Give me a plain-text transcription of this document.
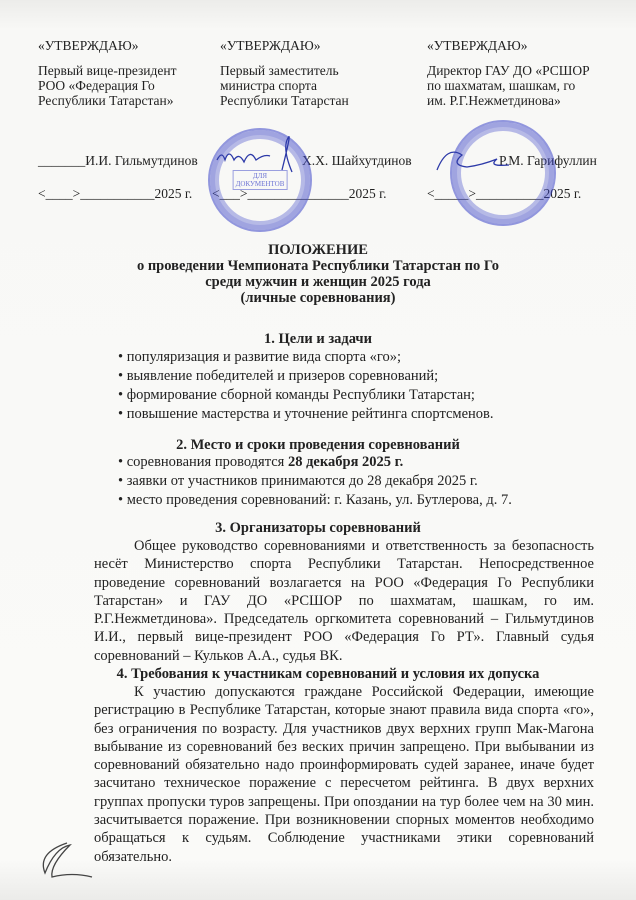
«УТВЕРЖДАЮ»
Первый вице-президент
РОО «Федерация Го
Республики Татарстан»
_______И.И. Гильмутдинов
<____>___________2025 г.
«УТВЕРЖДАЮ»
Первый заместитель
министра спорта
Республики Татарстан
Х.Х. Шайхутдинов
<___>_______________2025 г.
«УТВЕРЖДАЮ»
Директор ГАУ ДО «РСШОР
по шахматам, шашкам, го
им. Р.Г.Нежметдинова»
Р.М. Гарифуллин
<_____>__________2025 г.
ДЛЯ ДОКУМЕНТОВ
ПОЛОЖЕНИЕ
о проведении Чемпионата Республики Татарстан по Го
среди мужчин и женщин 2025 года
(личные соревнования)
1. Цели и задачи
• популяризация и развитие вида спорта «го»;
• выявление победителей и призеров соревнований;
• формирование сборной команды Республики Татарстан;
• повышение мастерства и уточнение рейтинга спортсменов.
2. Место и сроки проведения соревнований
• соревнования проводятся 28 декабря 2025 г.
• заявки от участников принимаются до 28 декабря 2025 г.
• место проведения соревнований: г. Казань, ул. Бутлерова, д. 7.
3. Организаторы соревнований
Общее руководство соревнованиями и ответственность за безопасность несёт Министерство спорта Республики Татарстан. Непосредственное проведение соревнований возлагается на РОО «Федерация Го Республики Татарстан» и ГАУ ДО «РСШОР по шахматам, шашкам, го им. Р.Г.Нежметдинова». Председатель оргкомитета соревнований – Гильмутдинов И.И., первый вице-президент РОО «Федерация Го РТ». Главный судья соревнований – Кульков А.А., судья ВК.
4. Требования к участникам соревнований и условия их допуска
К участию допускаются граждане Российской Федерации, имеющие регистрацию в Республике Татарстан, которые знают правила вида спорта «го», без ограничения по возрасту. Для участников двух верхних групп Мак-Магона выбывание из соревнований без веских причин запрещено. При выбывании из соревнований обязательно надо проинформировать судей заранее, иначе будет засчитано техническое поражение с пересчетом рейтинга. В двух верхних группах пропуски туров запрещены. При опоздании на тур более чем на 30 мин. засчитывается поражение. При возникновении спорных моментов необходимо обращаться к судьям. Соблюдение участниками этики соревнований обязательно.
